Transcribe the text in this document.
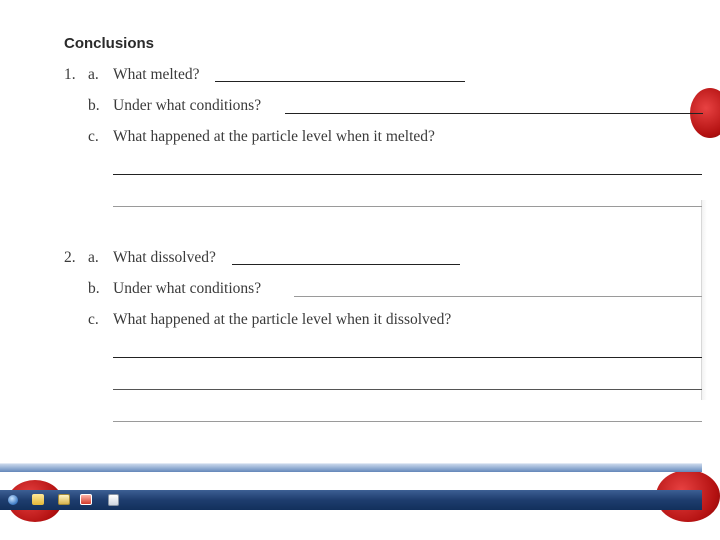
Conclusions
1. a. What melted?
b. Under what conditions?
c. What happened at the particle level when it melted?
2. a. What dissolved?
b. Under what conditions?
c. What happened at the particle level when it dissolved?
